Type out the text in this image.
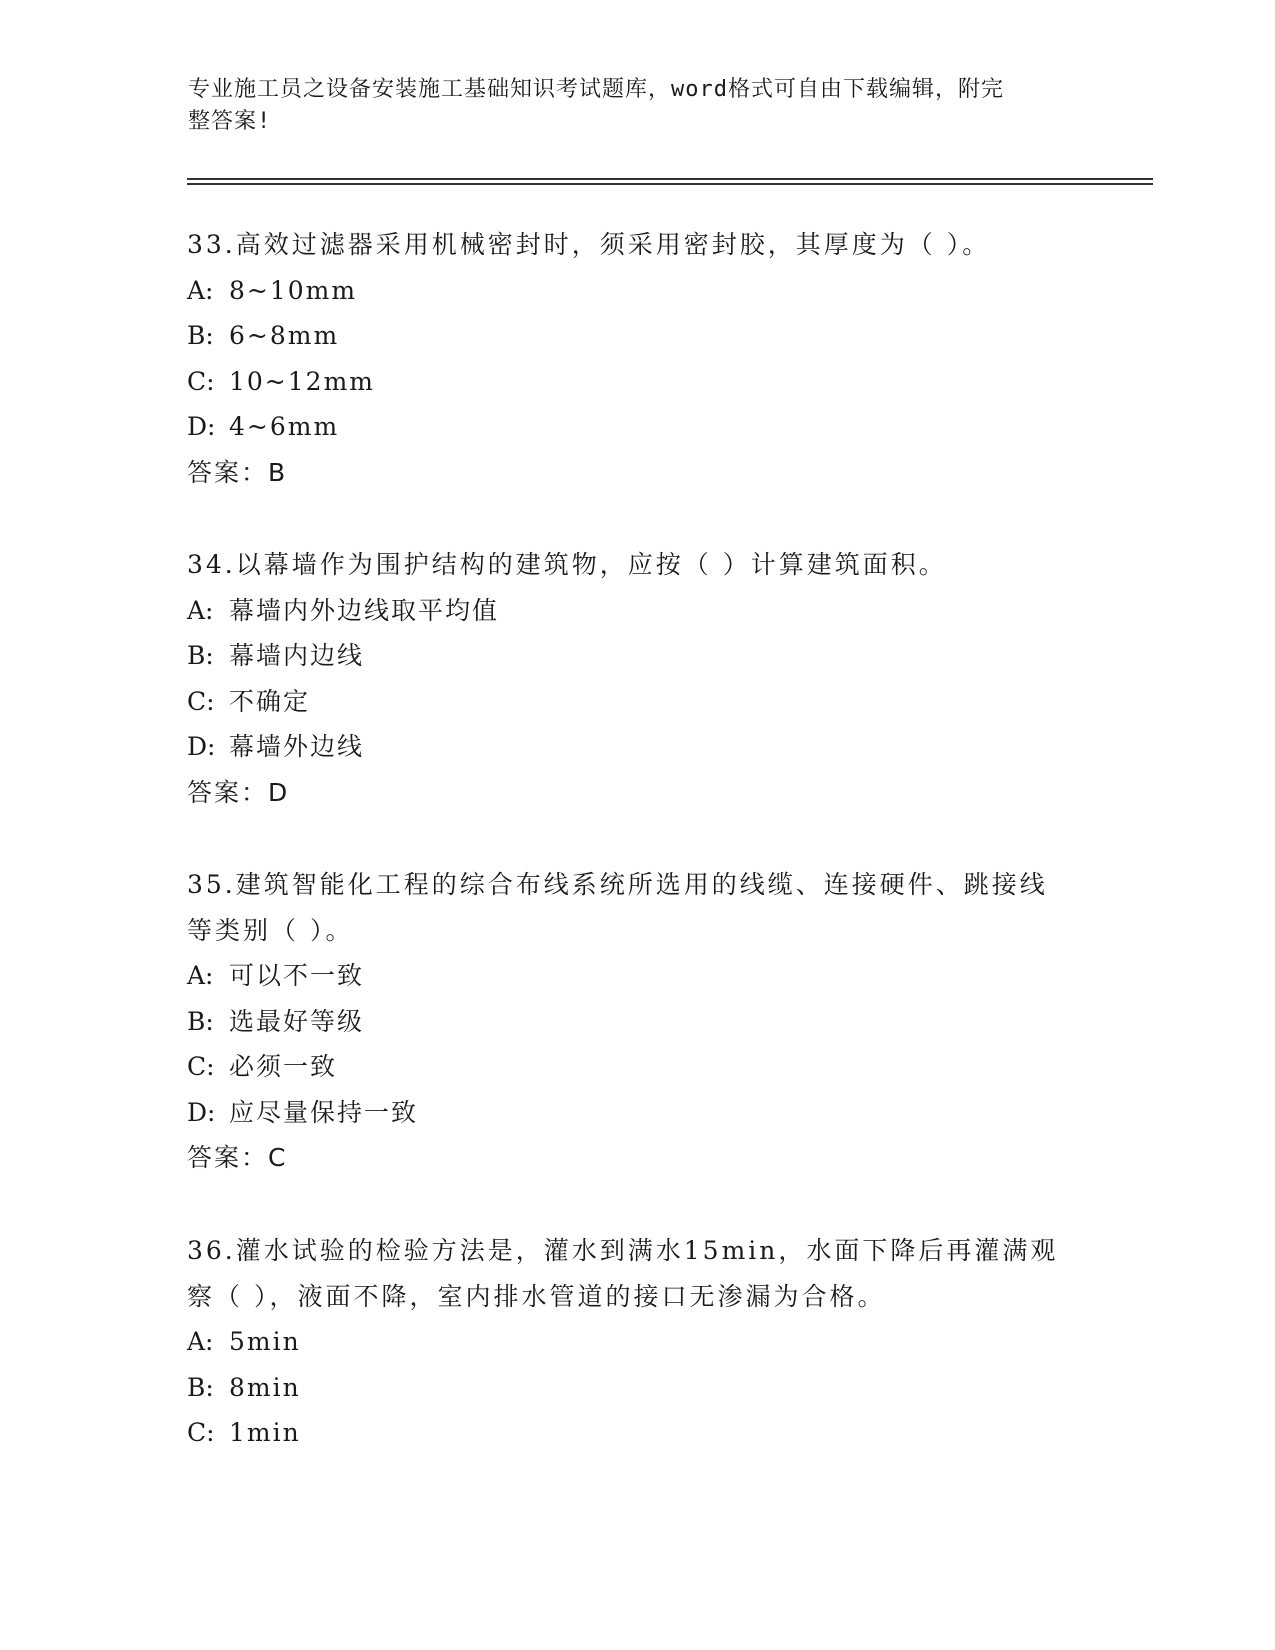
专业施工员之设备安装施工基础知识考试题库，word格式可自由下载编辑，附完
整答案!
33.高效过滤器采用机械密封时，须采用密封胶，其厚度为（ ）。
A: 8~10mm
B: 6~8mm
C: 10~12mm
D: 4~6mm
答案：B
34.以幕墙作为围护结构的建筑物，应按（ ）计算建筑面积。
A: 幕墙内外边线取平均值
B: 幕墙内边线
C: 不确定
D: 幕墙外边线
答案：D
35.建筑智能化工程的综合布线系统所选用的线缆、连接硬件、跳接线
等类别（ ）。
A: 可以不一致
B: 选最好等级
C: 必须一致
D: 应尽量保持一致
答案：C
36.灌水试验的检验方法是，灌水到满水15min，水面下降后再灌满观
察（ ），液面不降，室内排水管道的接口无渗漏为合格。
A: 5min
B: 8min
C: 1min
